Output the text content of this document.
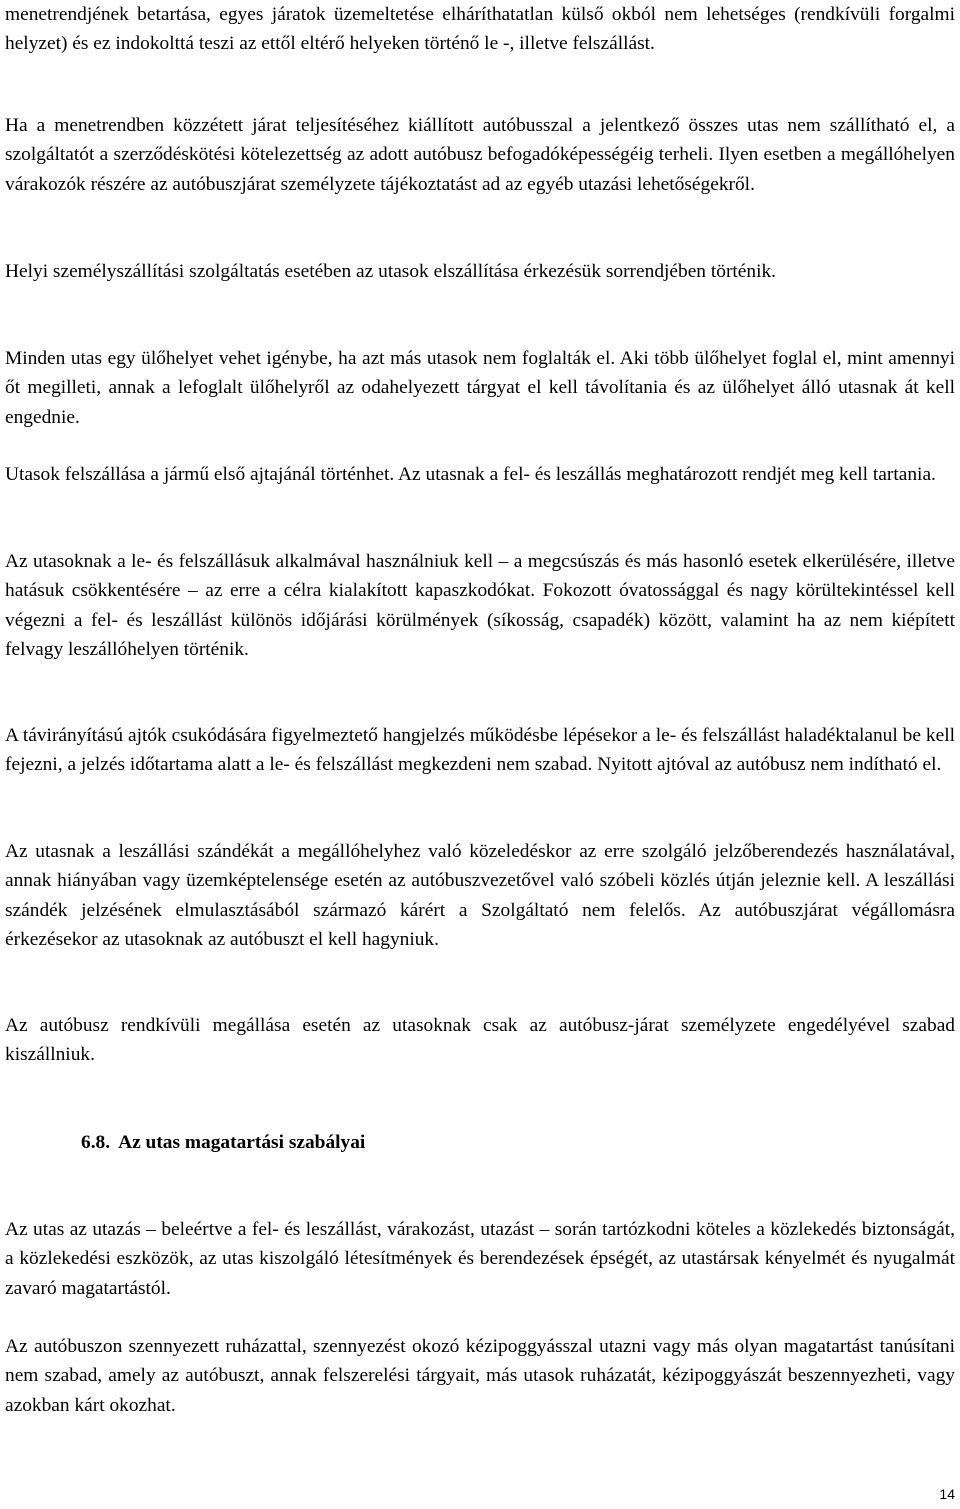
menetrendjének betartása, egyes járatok üzemeltetése elháríthatatlan külső okból nem lehetséges (rendkívüli forgalmi helyzet) és ez indokolttá teszi az ettől eltérő helyeken történő le -, illetve felszállást.

Ha a menetrendben közzétett járat teljesítéséhez kiállított autóbusszal a jelentkező összes utas nem szállítható el, a szolgáltatót a szerződéskötési kötelezettség az adott autóbusz befogadóképességéig terheli. Ilyen esetben a megállóhelyen várakozók részére az autóbuszjárat személyzete tájékoztatást ad az egyéb utazási lehetőségekről.

Helyi személyszállítási szolgáltatás esetében az utasok elszállítása érkezésük sorrendjében történik.

Minden utas egy ülőhelyet vehet igénybe, ha azt más utasok nem foglalták el. Aki több ülőhelyet foglal el, mint amennyi őt megilleti, annak a lefoglalt ülőhelyről az odahelyezett tárgyat el kell távolítania és az ülőhelyet álló utasnak át kell engednie.

Utasok felszállása a jármű első ajtajánál történhet. Az utasnak a fel- és leszállás meghatározott rendjét meg kell tartania.

Az utasoknak a le- és felszállásuk alkalmával használniuk kell – a megcsúszás és más hasonló esetek elkerülésére, illetve hatásuk csökkentésére – az erre a célra kialakított kapaszkodókat. Fokozott óvatossággal és nagy körültekintéssel kell végezni a fel- és leszállást különös időjárási körülmények (síkosság, csapadék) között, valamint ha az nem kiépített felvagy leszállóhelyen történik.

A távirányítású ajtók csukódására figyelmeztető hangjelzés működésbe lépésekor a le- és felszállást haladéktalanul be kell fejezni, a jelzés időtartama alatt a le- és felszállást megkezdeni nem szabad. Nyitott ajtóval az autóbusz nem indítható el.

Az utasnak a leszállási szándékát a megállóhelyhez való közeledéskor az erre szolgáló jelzőberendezés használatával, annak hiányában vagy üzemképtelensége esetén az autóbuszvezetővel való szóbeli közlés útján jeleznie kell. A leszállási szándék jelzésének elmulasztásából származó kárért a Szolgáltató nem felelős. Az autóbuszjárat végállomásra érkezésekor az utasoknak az autóbuszt el kell hagyniuk.

Az autóbusz rendkívüli megállása esetén az utasoknak csak az autóbusz-járat személyzete engedélyével szabad kiszállniuk.

6.8. Az utas magatartási szabályai

Az utas az utazás – beleértve a fel- és leszállást, várakozást, utazást – során tartózkodni köteles a közlekedés biztonságát, a közlekedési eszközök, az utas kiszolgáló létesítmények és berendezések épségét, az utastársak kényelmét és nyugalmát zavaró magatartástól.

Az autóbuszon szennyezett ruházattal, szennyezést okozó kézipoggyásszal utazni vagy más olyan magatartást tanúsítani nem szabad, amely az autóbuszt, annak felszerelési tárgyait, más utasok ruházatát, kézipoggyászát beszennyezheti, vagy azokban kárt okozhat.

14
